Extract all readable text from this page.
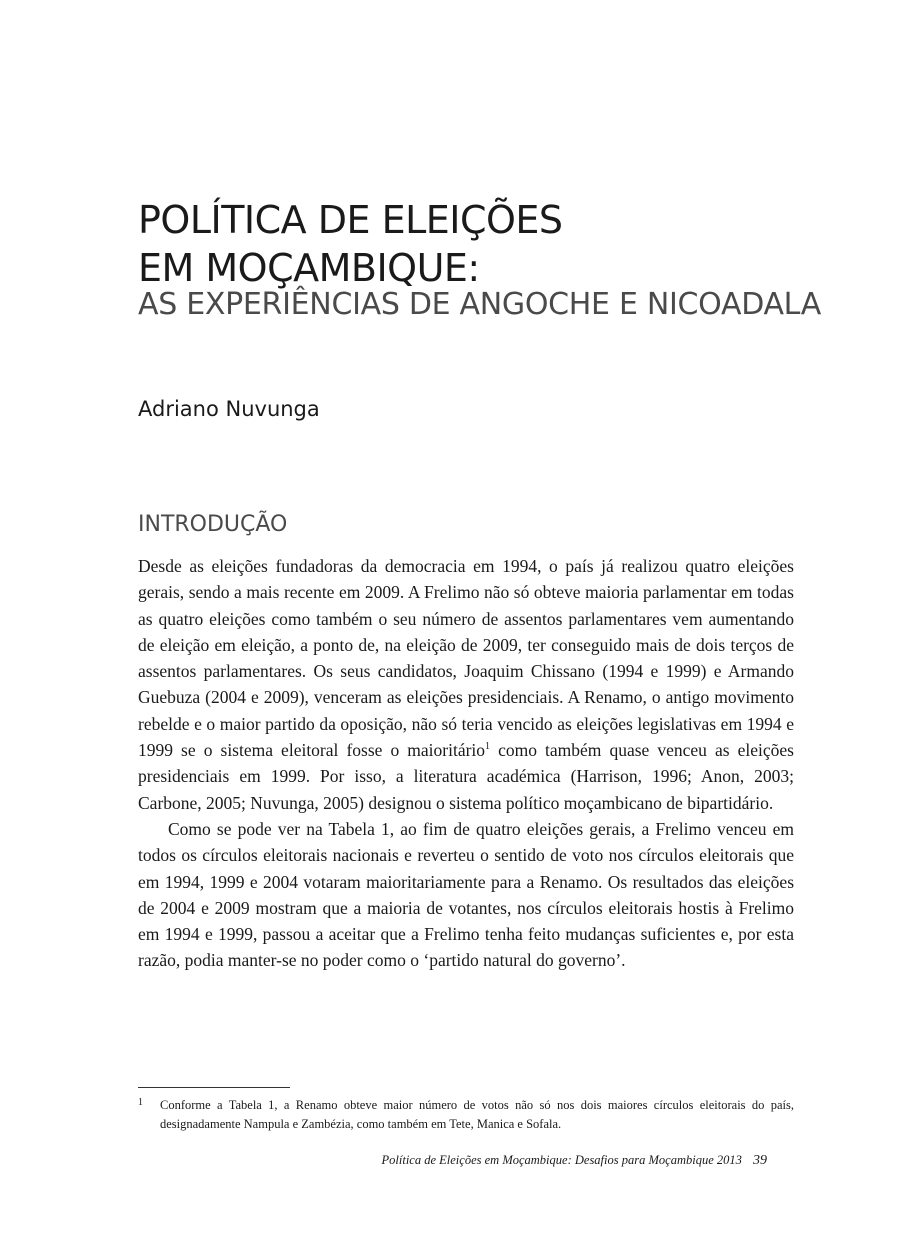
POLÍTICA DE ELEIÇÕES
EM MOÇAMBIQUE:
AS EXPERIÊNCIAS DE ANGOCHE E NICOADALA
Adriano Nuvunga
INTRODUÇÃO

Desde as eleições fundadoras da democracia em 1994, o país já realizou quatro eleições gerais, sendo a mais recente em 2009. A Frelimo não só obteve maioria parlamentar em todas as quatro eleições como também o seu número de assentos parlamentares vem aumentando de eleição em eleição, a ponto de, na eleição de 2009, ter conseguido mais de dois terços de assentos parlamentares. Os seus candidatos, Joaquim Chissano (1994 e 1999) e Armando Guebuza (2004 e 2009), venceram as eleições presidenciais. A Renamo, o antigo movimento rebelde e o maior partido da oposição, não só teria vencido as eleições legislativas em 1994 e 1999 se o sistema eleitoral fosse o maioritário$^1$ como também quase venceu as eleições presidenciais em 1999. Por isso, a literatura académica (Harrison, 1996; Anon, 2003; Carbone, 2005; Nuvunga, 2005) designou o sistema político moçambicano de bipartidário.

Como se pode ver na Tabela 1, ao fim de quatro eleições gerais, a Frelimo venceu em todos os círculos eleitorais nacionais e reverteu o sentido de voto nos círculos eleitorais que em 1994, 1999 e 2004 votaram maioritariamente para a Renamo. Os resultados das eleições de 2004 e 2009 mostram que a maioria de votantes, nos círculos eleitorais hostis à Frelimo em 1994 e 1999, passou a aceitar que a Frelimo tenha feito mudanças suficientes e, por esta razão, podia manter-se no poder como o ‘partido natural do governo’.

1	Conforme a Tabela 1, a Renamo obteve maior número de votos não só nos dois maiores círculos eleitorais do país, designadamente Nampula e Zambézia, como também em Tete, Manica e Sofala.
Política de Eleições em Moçambique: Desafios para Moçambique 2013 39
